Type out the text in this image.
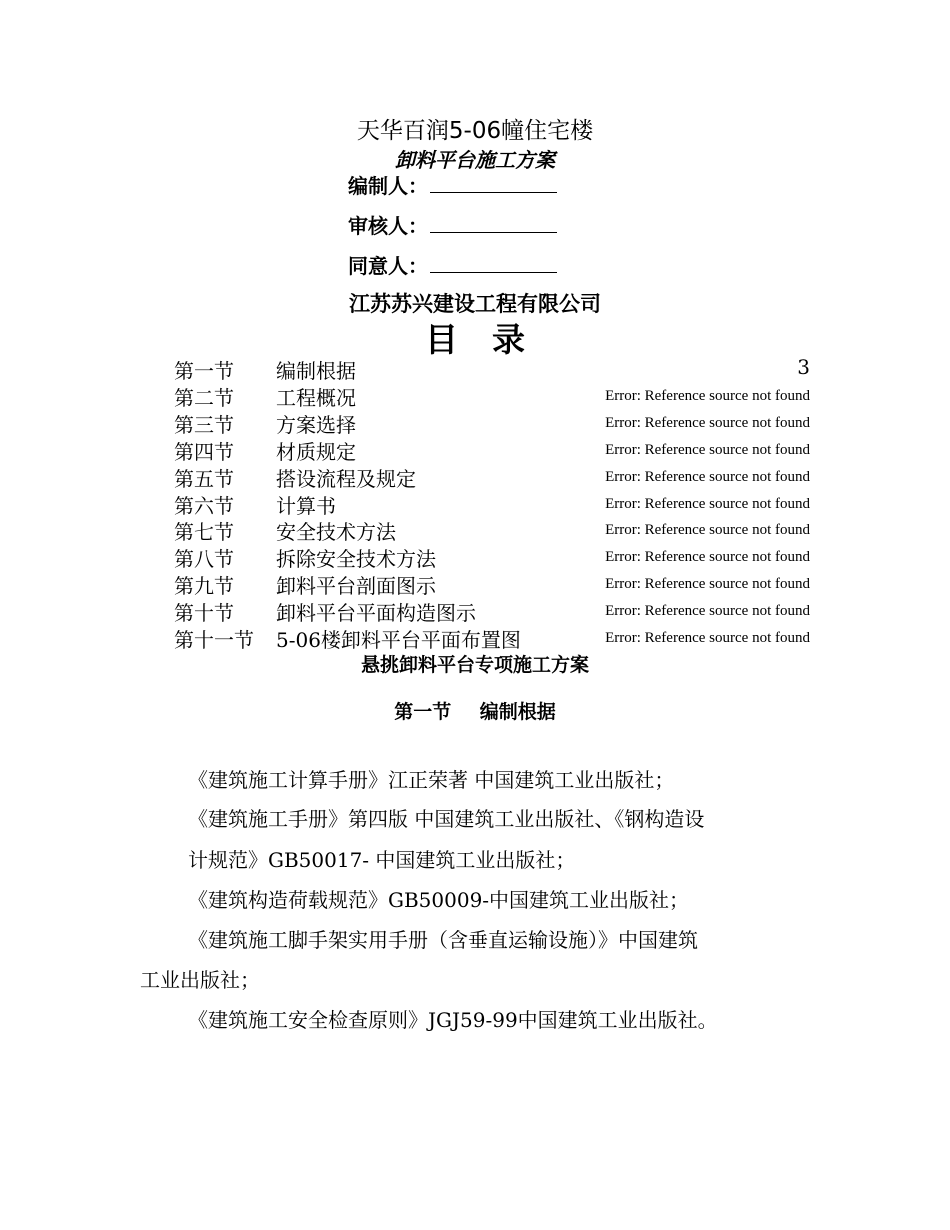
天华百润5-06幢住宅楼
卸料平台施工方案
编制人：
审核人：
同意人：
江苏苏兴建设工程有限公司
目录
第一节 编制根据	3
第二节 工程概况	Error: Reference source not found
第三节 方案选择	Error: Reference source not found
第四节 材质规定	Error: Reference source not found
第五节 搭设流程及规定	Error: Reference source not found
第六节 计算书	Error: Reference source not found
第七节 安全技术方法	Error: Reference source not found
第八节 拆除安全技术方法	Error: Reference source not found
第九节 卸料平台剖面图示	Error: Reference source not found
第十节 卸料平台平面构造图示	Error: Reference source not found
第十一节 5-06楼卸料平台平面布置图	Error: Reference source not found
悬挑卸料平台专项施工方案
第一节 编制根据
《建筑施工计算手册》江正荣著 中国建筑工业出版社；
《建筑施工手册》第四版 中国建筑工业出版社、《钢构造设
计规范》GB50017- 中国建筑工业出版社；
《建筑构造荷载规范》GB50009-中国建筑工业出版社；
《建筑施工脚手架实用手册（含垂直运输设施）》中国建筑
工业出版社；
《建筑施工安全检查原则》JGJ59-99中国建筑工业出版社。
